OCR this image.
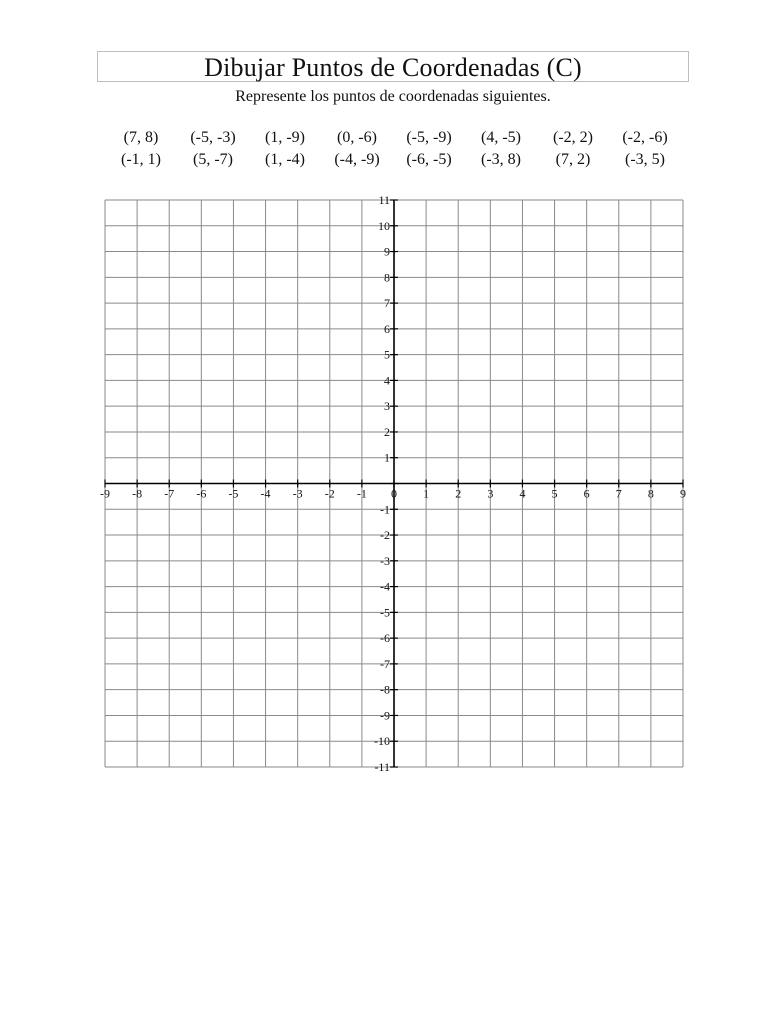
Dibujar Puntos de Coordenadas (C)
Represente los puntos de coordenadas siguientes.
(7, 8)	(-5, -3)	(1, -9)	(0, -6)	(-5, -9)	(4, -5)	(-2, 2)	(-2, -6)
(-1, 1)	(5, -7)	(1, -4)	(-4, -9)	(-6, -5)	(-3, 8)	(7, 2)	(-3, 5)
-9 -8 -7 -6 -5 -4 -3 -2 -1 0 1 2 3 4 5 6 7 8 9
11
10
9
8
7
6
5
4
3
2
1
-1
-2
-3
-4
-5
-6
-7
-8
-9
-10
-11
